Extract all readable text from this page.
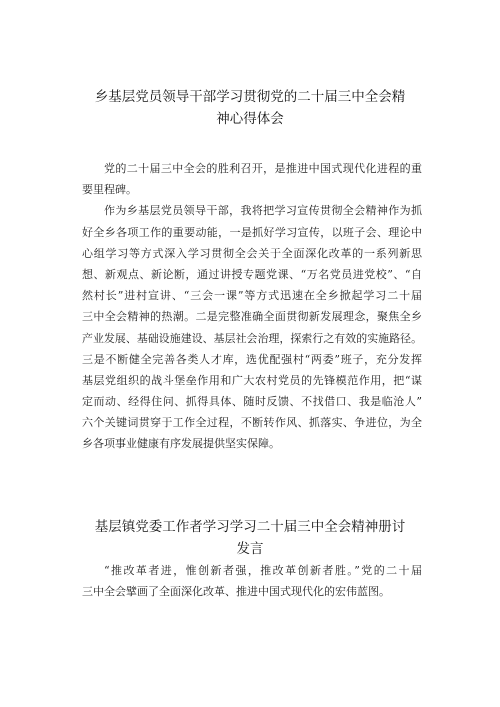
乡基层党员领导干部学习贯彻党的二十届三中全会精
神心得体会
党的二十届三中全会的胜利召开，是推进中国式现代化进程的重
要里程碑。
作为乡基层党员领导干部，我将把学习宣传贯彻全会精神作为抓
好全乡各项工作的重要动能，一是抓好学习宣传，以班子会、理论中
心组学习等方式深入学习贯彻全会关于全面深化改革的一系列新思
想、新观点、新论断，通过讲授专题党课、“万名党员进党校”、“自
然村长”进村宣讲、“三会一课”等方式迅速在全乡掀起学习二十届
三中全会精神的热潮。二是完整准确全面贯彻新发展理念，聚焦全乡
产业发展、基础设施建设、基层社会治理，探索行之有效的实施路径。
三是不断健全完善各类人才库，选优配强村“两委”班子，充分发挥
基层党组织的战斗堡垒作用和广大农村党员的先锋模范作用，把“谋
定而动、经得住问、抓得具体、随时反馈、不找借口、我是临沧人”
六个关键词贯穿于工作全过程，不断转作风、抓落实、争进位，为全
乡各项事业健康有序发展提供坚实保障。
基层镇党委工作者学习学习二十届三中全会精神册讨
发言
“推改革者进，惟创新者强，推改革创新者胜。”党的二十届
三中全会擘画了全面深化改革、推进中国式现代化的宏伟蓝图。
